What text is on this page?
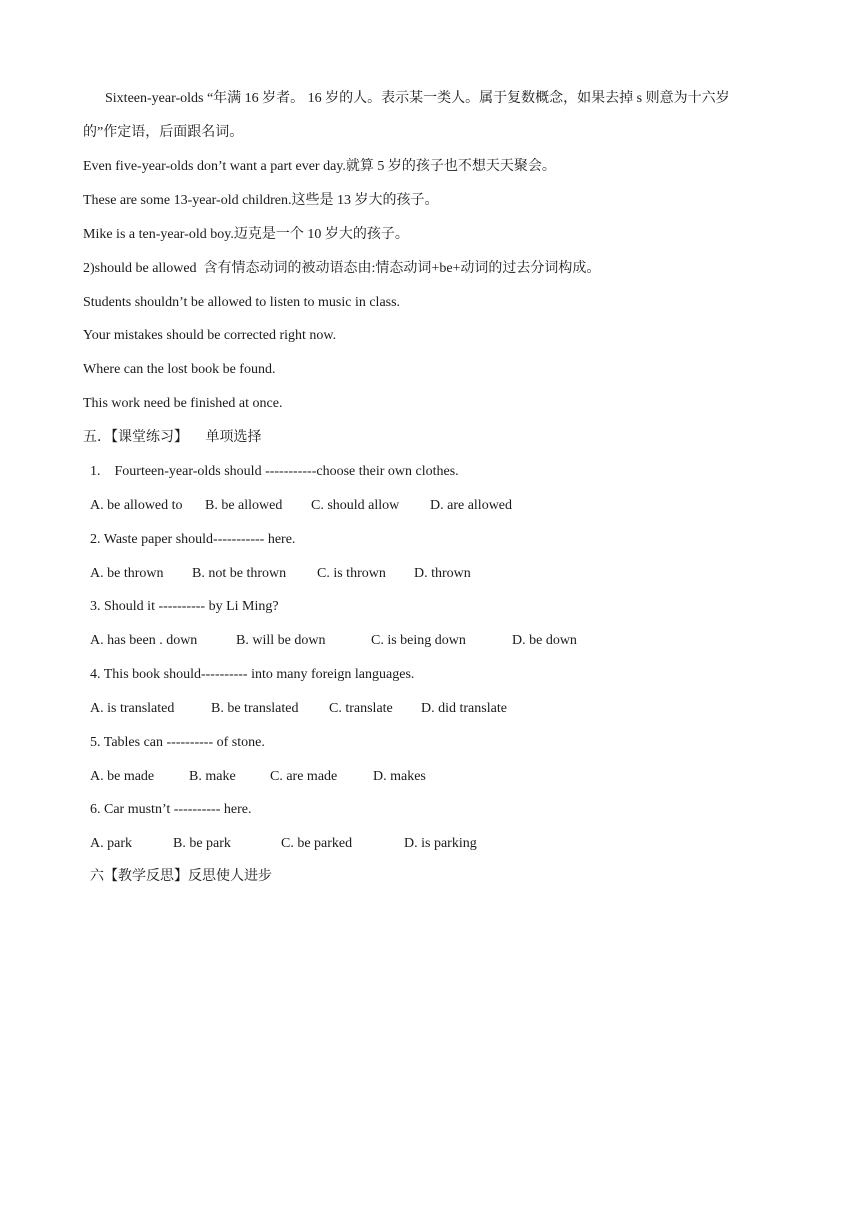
Sixteen-year-olds “年满 16 岁者。 16 岁的人。表示某一类人。属于复数概念，如果去掉 s 则意为十六岁
的”作定语，后面跟名词。
Even five-year-olds don’t want a part ever day.就算 5 岁的孩子也不想天天聚会。
These are some 13-year-old children.这些是 13 岁大的孩子。
Mike is a ten-year-old boy.迈克是一个 10 岁大的孩子。
2)should be allowed  含有情态动词的被动语态由:情态动词+be+动词的过去分词构成。
Students shouldn’t be allowed to listen to music in class.
Your mistakes should be corrected right now.
Where can the lost book be found.
This work need be finished at once.
五．【课堂练习】     单项选择
1.    Fourteen-year-olds should -----------choose their own clothes.

A. be allowed to

B. be allowed

C. should allow

D. are allowed

2. Waste paper should----------- here.

A. be thrown

B. not be thrown

C. is thrown

D. thrown

3. Should it ---------- by Li Ming?

A. has been . down

	B. will be down

	C. is being down

	D. be down

4. This book should---------- into many foreign languages.

A. is translated

	B. be translated

C. translate

D. did translate

5. Tables can ---------- of stone.

A. be made

B. make

C. are made

	D. makes

6. Car mustn’t ---------- here.

A. park

	B. be park

	C. be parked

	D. is parking

六【教学反思】反思使人进步
